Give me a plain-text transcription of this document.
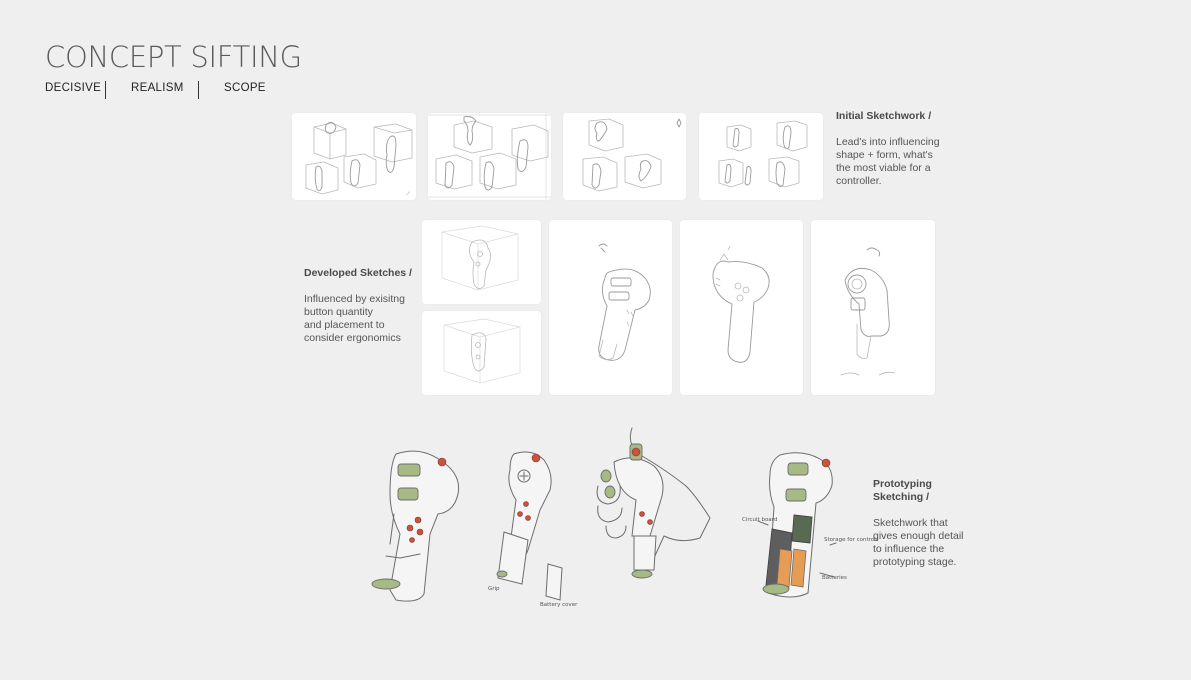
CONCEPT SIFTING
DECISIVE	REALISM	SCOPE
Initial Sketchwork /
Lead's into influencing
shape + form, what's
the most viable for a
controller.
Developed Sketches /
Influenced by exisitng
button quantity
and placement to
consider ergonomics
Grip
Battery cover
Circuit board
Storage for controls
Batteries
Prototyping
Sketching /
Sketchwork that
gives enough detail
to influence the
prototyping stage.
